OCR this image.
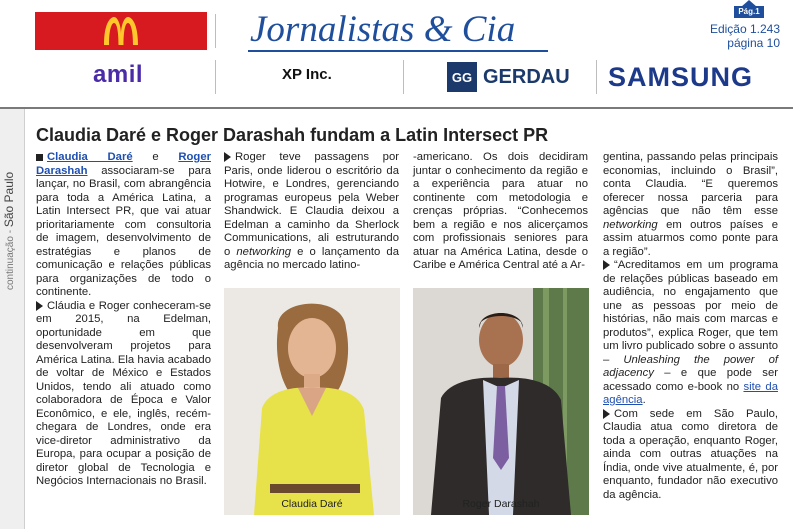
Jornalistas & Cia	Pág.1
Edição 1.243
página 10
amil	XP Inc.	GG GERDAU SAMSUNG
continuação - São Paulo
Claudia Daré e Roger Darashah fundam a Latin Intersect PR

Claudia Daré e Roger Darashah associaram-se para lançar, no Brasil, com abrangência para toda a América Latina, a Latin Intersect PR, que vai atuar prioritariamente com consultoria de imagem, desenvolvimento de estratégias e planos de comunicação e relações públicas para organizações de todo o continente.

Cláudia e Roger conheceram-se em 2015, na Edelman, oportunidade em que desenvolveram projetos para América Latina. Ela havia acabado de voltar de México e Estados Unidos, tendo ali atuado como colaboradora de Época e Valor Econômico, e ele, inglês, recém-chegara de Londres, onde era vice-diretor administrativo da Europa, para ocupar a posição de diretor global de Tecnologia e Negócios Internacionais no Brasil.

Roger teve passagens por Paris, onde liderou o escritório da Hotwire, e Londres, gerenciando programas europeus pela Weber Shandwick. E Claudia deixou a Edelman a caminho da Sherlock Communications, ali estruturando o networking e o lançamento da agência no mercado latino-

-americano. Os dois decidiram juntar o conhecimento da região e a experiência para atuar no continente com metodologia e crenças próprias. “Conhecemos bem a região e nos alicerçamos com profissionais seniores para atuar na América Latina, desde o Caribe e América Central até a Ar-

gentina, passando pelas principais economias, incluindo o Brasil”, conta Claudia. “E queremos oferecer nossa parceria para agências que não têm esse networking em outros países e assim atuarmos como ponte para a região”.

“Acreditamos em um programa de relações públicas baseado em audiência, no engajamento que une as pessoas por meio de histórias, não mais com marcas e produtos”, explica Roger, que tem um livro publicado sobre o assunto – Unleashing the power of adjacency – e que pode ser acessado como e-book no site da agência.

Com sede em São Paulo, Claudia atua como diretora de toda a operação, enquanto Roger, ainda com outras atuações na Índia, onde vive atualmente, é, por enquanto, fundador não executivo da agência.

Claudia Daré	Roger Darashah
